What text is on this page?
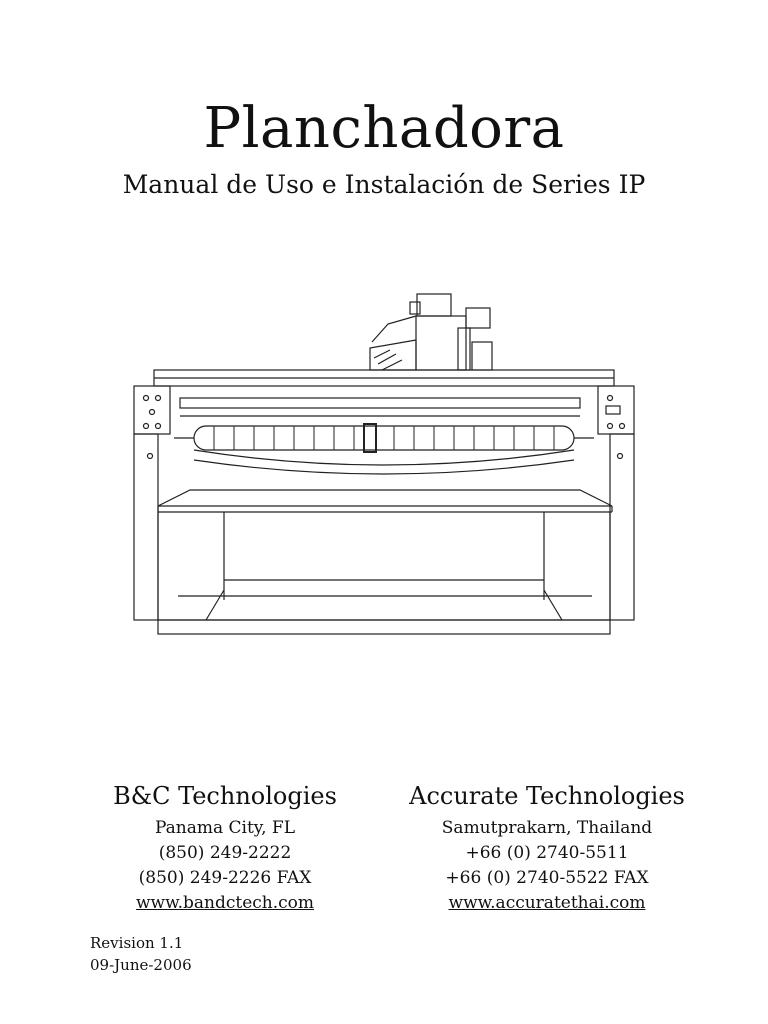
Planchadora
Manual de Uso e Instalación de Series IP
B&C Technologies
Panama City, FL
(850) 249-2222
(850) 249-2226 FAX
www.bandctech.com
Accurate Technologies
Samutprakarn, Thailand
+66 (0) 2740-5511
+66 (0) 2740-5522 FAX
www.accuratethai.com
Revision 1.1
09-June-2006
